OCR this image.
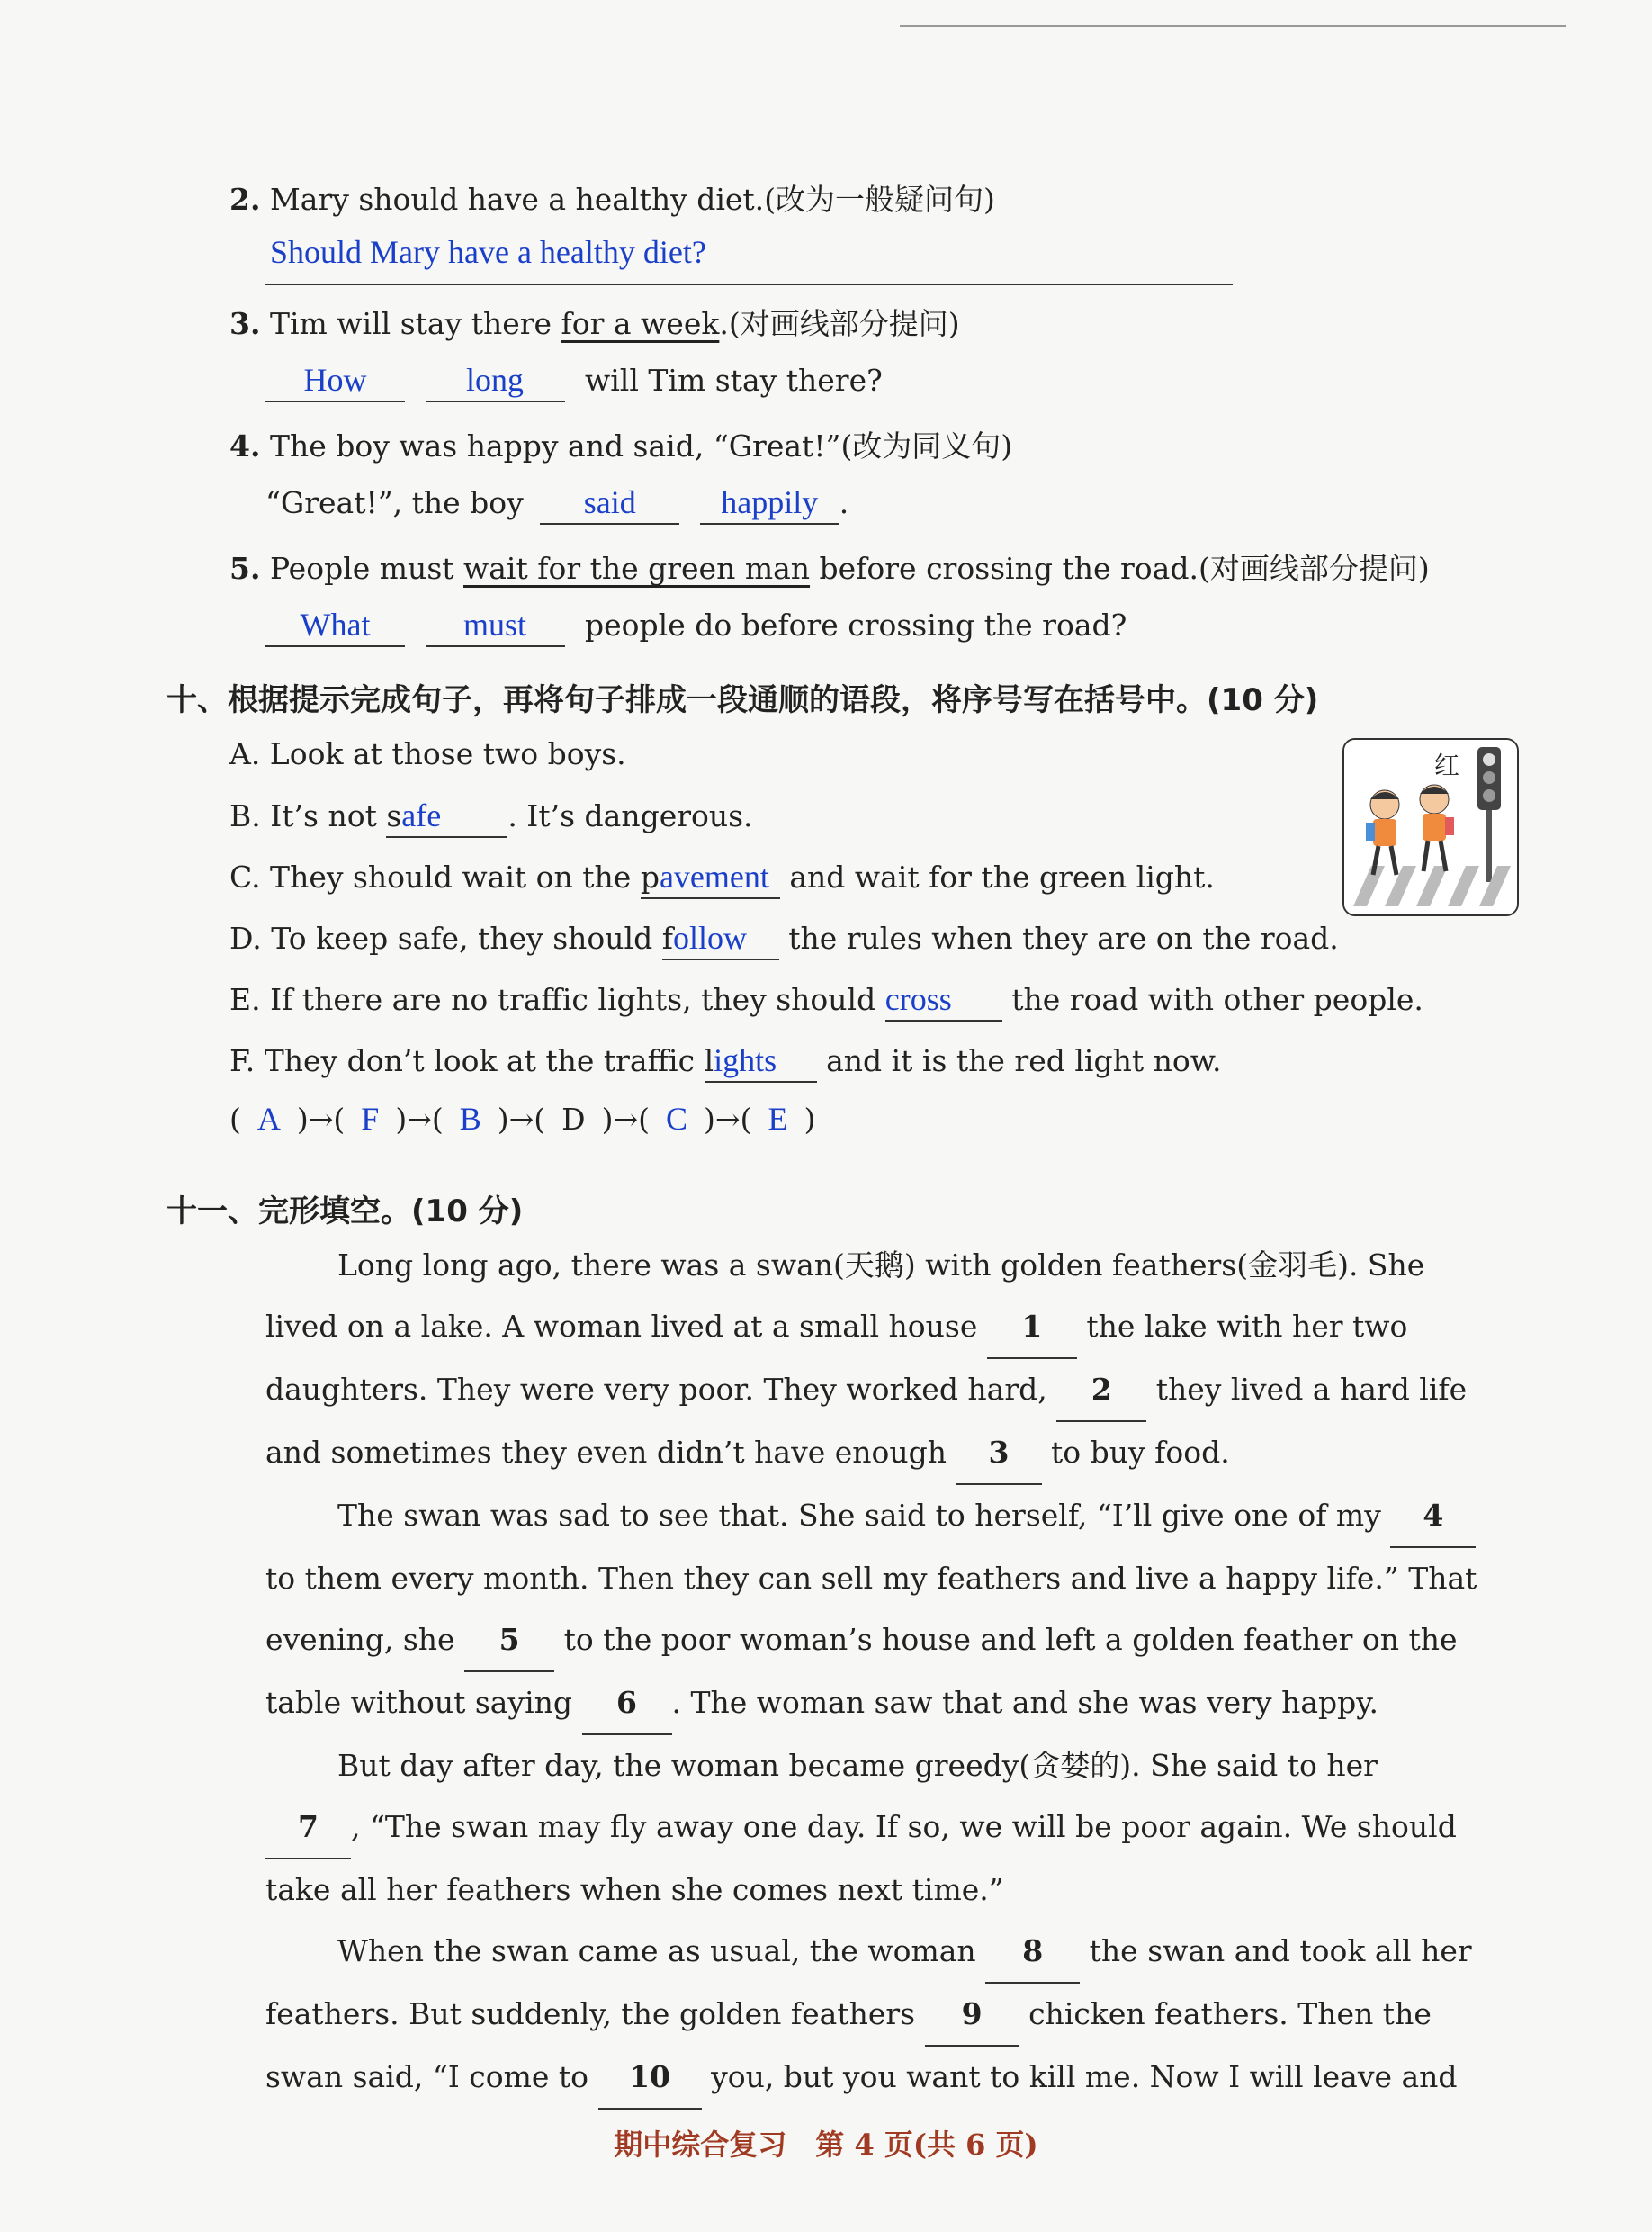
2. Mary should have a healthy diet.(改为一般疑问句)
Should Mary have a healthy diet?
3. Tim will stay there for a week.(对画线部分提问)
How	long will Tim stay there?
4. The boy was happy and said, “Great!”(改为同义句)
“Great!”, the boy said	happily .
5. People must wait for the green man before crossing the road.(对画线部分提问)
What	must people do before crossing the road?
十、根据提示完成句子，再将句子排成一段通顺的语段，将序号写在括号中。(10 分)
A. Look at those two boys.
B. It’s not safe . It’s dangerous.
C. They should wait on the pavement and wait for the green light.
D. To keep safe, they should follow the rules when they are on the road.
E. If there are no traffic lights, they should cross the road with other people.
F. They don’t look at the traffic lights and it is the red light now.
( A )→( F )→( B )→( D )→( C )→( E )
红
十一、完形填空。(10 分)
Long long ago, there was a swan(天鹅) with golden feathers(金羽毛). She
lived on a lake. A woman lived at a small house 1 the lake with her two
daughters. They were very poor. They worked hard, 2 they lived a hard life
and sometimes they even didn’t have enough 3 to buy food.
The swan was sad to see that. She said to herself, “I’ll give one of my 4
to them every month. Then they can sell my feathers and live a happy life.” That
evening, she 5 to the poor woman’s house and left a golden feather on the
table without saying 6 . The woman saw that and she was very happy.
But day after day, the woman became greedy(贪婪的). She said to her
7 , “The swan may fly away one day. If so, we will be poor again. We should
take all her feathers when she comes next time.”
When the swan came as usual, the woman 8 the swan and took all her
feathers. But suddenly, the golden feathers 9 chicken feathers. Then the
swan said, “I come to 10 you, but you want to kill me. Now I will leave and
期中综合复习　第 4 页(共 6 页)
